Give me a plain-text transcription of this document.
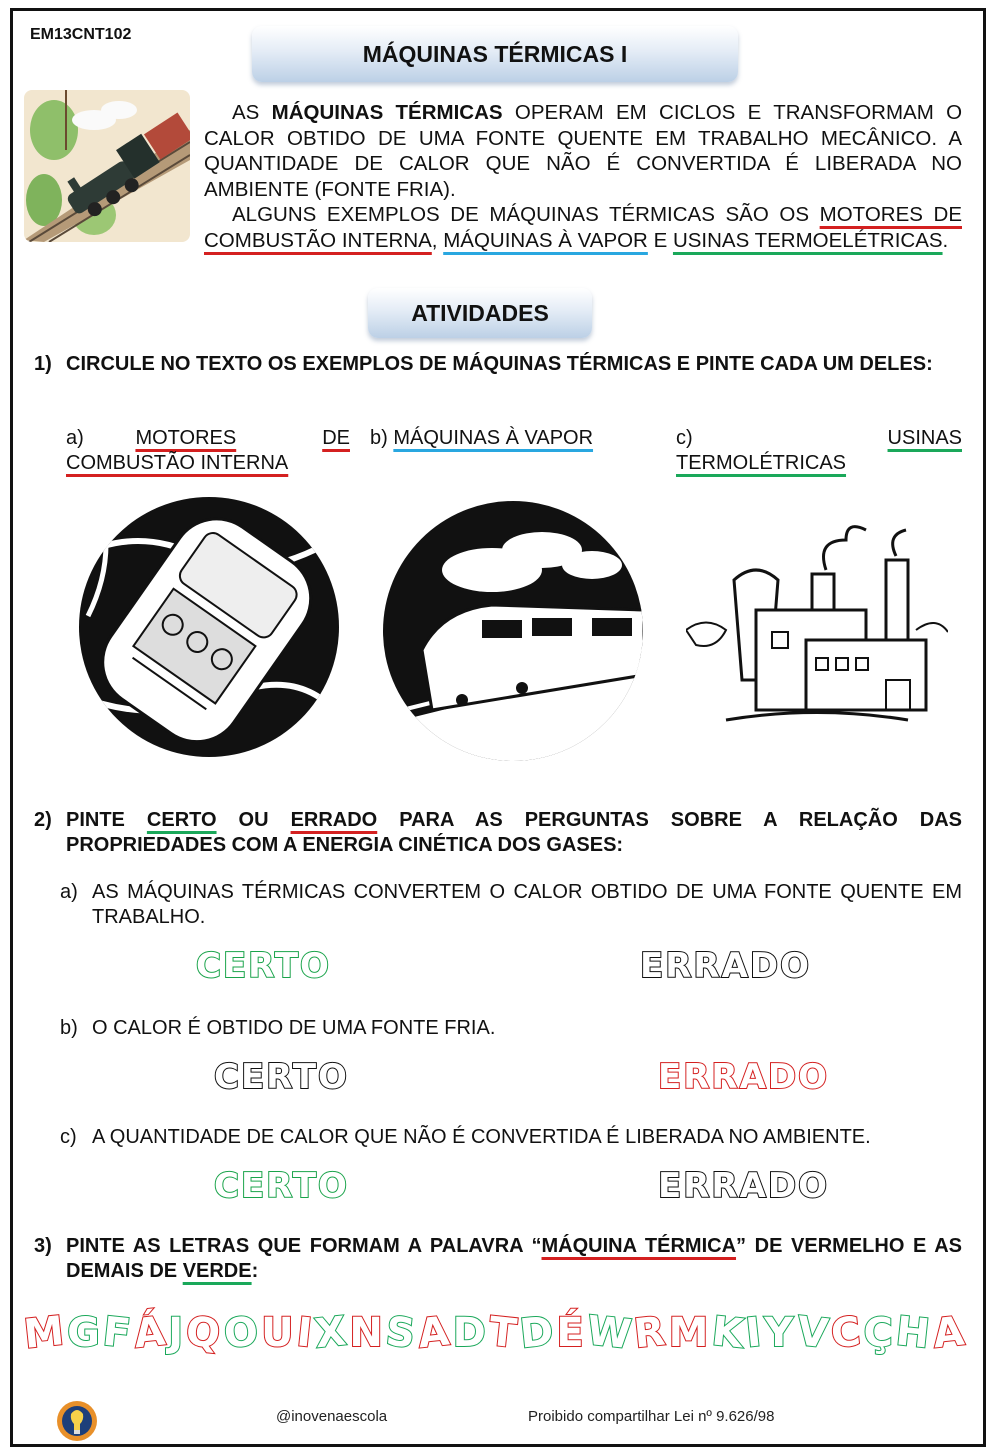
EM13CNT102
MÁQUINAS TÉRMICAS I
AS MÁQUINAS TÉRMICAS OPERAM EM CICLOS E TRANSFORMAM O CALOR OBTIDO DE UMA FONTE QUENTE EM TRABALHO MECÂNICO. A QUANTIDADE DE CALOR QUE NÃO É CONVERTIDA É LIBERADA NO AMBIENTE (FONTE FRIA).
ALGUNS EXEMPLOS DE MÁQUINAS TÉRMICAS SÃO OS MOTORES DE COMBUSTÃO INTERNA, MÁQUINAS À VAPOR E USINAS TERMOELÉTRICAS.
ATIVIDADES
1) CIRCULE NO TEXTO OS EXEMPLOS DE MÁQUINAS TÉRMICAS E PINTE CADA UM DELES:
a)	MOTORES	DE
COMBUSTÃO INTERNA
b) MÁQUINAS À VAPOR	c)	USINAS
TERMOLÉTRICAS
2) PINTE CERTO OU ERRADO PARA AS PERGUNTAS SOBRE A RELAÇÃO DAS PROPRIEDADES COM A ENERGIA CINÉTICA DOS GASES:
a) AS MÁQUINAS TÉRMICAS CONVERTEM O CALOR OBTIDO DE UMA FONTE QUENTE EM TRABALHO.
CERTO	ERRADO
b) O CALOR É OBTIDO DE UMA FONTE FRIA.
CERTO	ERRADO
c) A QUANTIDADE DE CALOR QUE NÃO É CONVERTIDA É LIBERADA NO AMBIENTE.
CERTO	ERRADO
3) PINTE AS LETRAS QUE FORMAM A PALAVRA “MÁQUINA TÉRMICA” DE VERMELHO E AS DEMAIS DE VERDE:
M G F
Á J Q
O U I
X N S
A D T
D É W
R M K
I Y V
C Ç H
A
@inovenaescola	Proibido compartilhar Lei nº 9.626/98
